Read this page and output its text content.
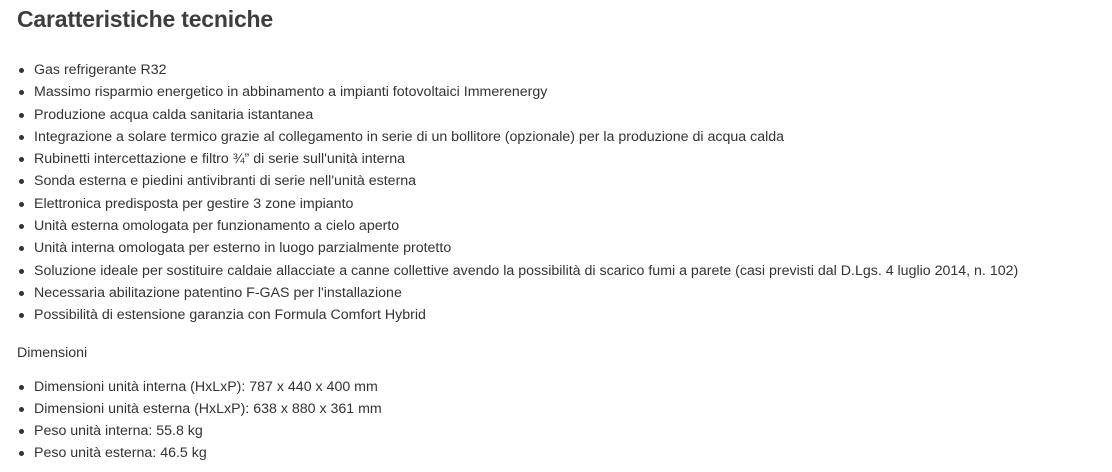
Caratteristiche tecniche
Gas refrigerante R32
Massimo risparmio energetico in abbinamento a impianti fotovoltaici Immerenergy
Produzione acqua calda sanitaria istantanea
Integrazione a solare termico grazie al collegamento in serie di un bollitore (opzionale) per la produzione di acqua calda
Rubinetti intercettazione e filtro ¾” di serie sull'unità interna
Sonda esterna e piedini antivibranti di serie nell'unità esterna
Elettronica predisposta per gestire 3 zone impianto
Unità esterna omologata per funzionamento a cielo aperto
Unità interna omologata per esterno in luogo parzialmente protetto
Soluzione ideale per sostituire caldaie allacciate a canne collettive avendo la possibilità di scarico fumi a parete (casi previsti dal D.Lgs. 4 luglio 2014, n. 102)
Necessaria abilitazione patentino F-GAS per l'installazione
Possibilità di estensione garanzia con Formula Comfort Hybrid
Dimensioni
Dimensioni unità interna (HxLxP): 787 x 440 x 400 mm
Dimensioni unità esterna (HxLxP): 638 x 880 x 361 mm
Peso unità interna: 55.8 kg
Peso unità esterna: 46.5 kg
